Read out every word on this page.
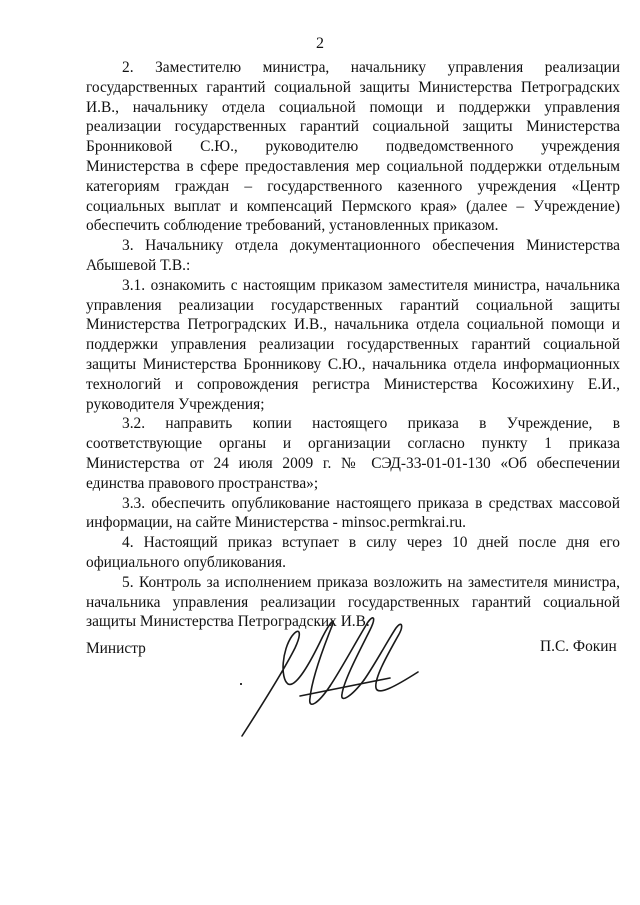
2

2. Заместителю министра, начальнику управления реализации государственных гарантий социальной защиты Министерства Петроградских И.В., начальнику отдела социальной помощи и поддержки управления реализации государственных гарантий социальной защиты Министерства Бронниковой С.Ю., руководителю подведомственного учреждения Министерства в сфере предоставления мер социальной поддержки отдельным категориям граждан – государственного казенного учреждения «Центр социальных выплат и компенсаций Пермского края» (далее – Учреждение) обеспечить соблюдение требований, установленных приказом.

3. Начальнику отдела документационного обеспечения Министерства Абышевой Т.В.:

3.1. ознакомить с настоящим приказом заместителя министра, начальника управления реализации государственных гарантий социальной защиты Министерства Петроградских И.В., начальника отдела социальной помощи и поддержки управления реализации государственных гарантий социальной защиты Министерства Бронникову С.Ю., начальника отдела информационных технологий и сопровождения регистра Министерства Косожихину Е.И., руководителя Учреждения;

3.2. направить копии настоящего приказа в Учреждение, в соответствующие органы и организации согласно пункту 1 приказа Министерства от 24 июля 2009 г. № СЭД-33-01-01-130 «Об обеспечении единства правового пространства»;

3.3. обеспечить опубликование настоящего приказа в средствах массовой информации, на сайте Министерства - minsoc.permkrai.ru.

4. Настоящий приказ вступает в силу через 10 дней после дня его официального опубликования.

5. Контроль за исполнением приказа возложить на заместителя министра, начальника управления реализации государственных гарантий социальной защиты Министерства Петроградских И.В.

Министр	П.С. Фокин
